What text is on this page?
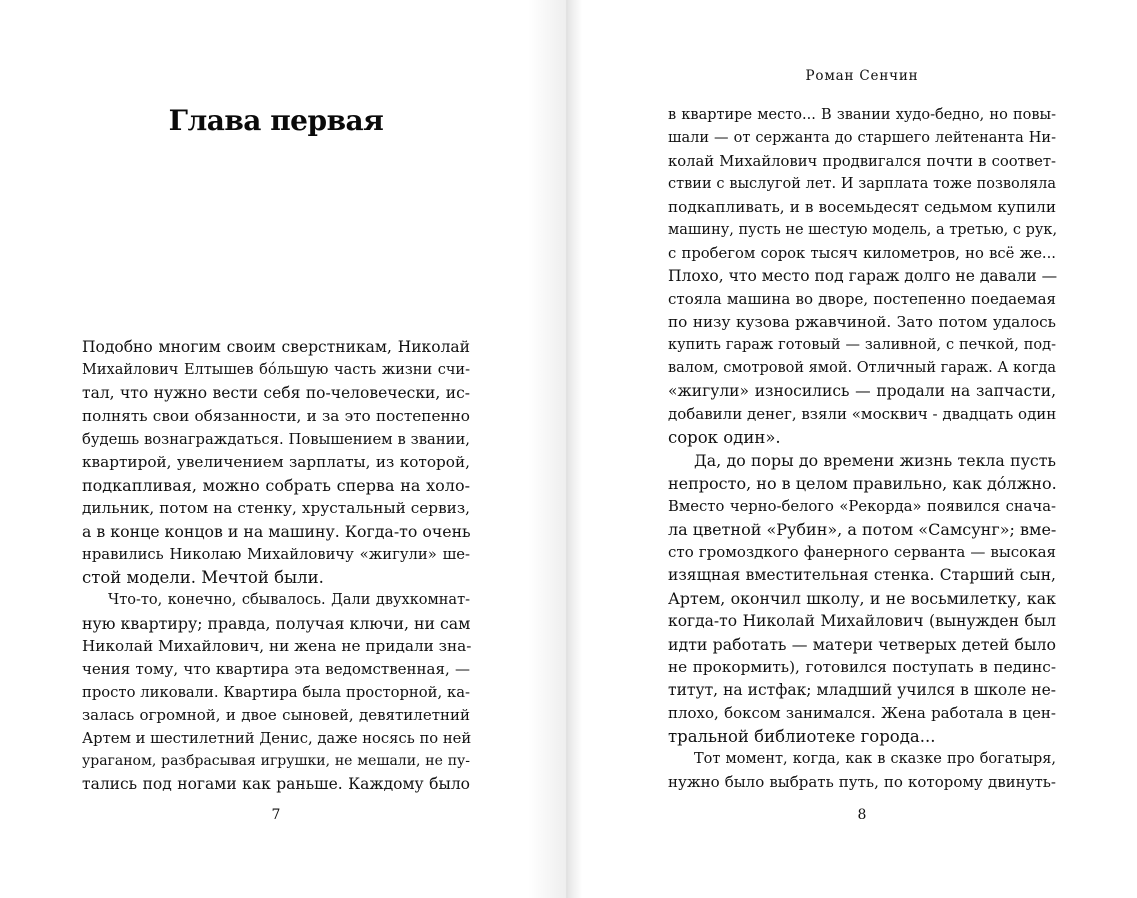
Глава первая
Подобно многим своим сверстникам, Николай
Михайлович Елтышев бóльшую часть жизни счи-
тал, что нужно вести себя по-человечески, ис-
полнять свои обязанности, и за это постепенно
будешь вознаграждаться. Повышением в звании,
квартирой, увеличением зарплаты, из которой,
подкапливая, можно собрать сперва на холо-
дильник, потом на стенку, хрустальный сервиз,
а в конце концов и на машину. Когда-то очень
нравились Николаю Михайловичу «жигули» ше-
стой модели. Мечтой были.
Что-то, конечно, сбывалось. Дали двухкомнат-
ную квартиру; правда, получая ключи, ни сам
Николай Михайлович, ни жена не придали зна-
чения тому, что квартира эта ведомственная, —
просто ликовали. Квартира была просторной, ка-
залась огромной, и двое сыновей, девятилетний
Артем и шестилетний Денис, даже носясь по ней
ураганом, разбрасывая игрушки, не мешали, не пу-
тались под ногами как раньше. Каждому было
7
Роман Сенчин
в квартире место... В звании худо-бедно, но повы-
шали — от сержанта до старшего лейтенанта Ни-
колай Михайлович продвигался почти в соответ-
ствии с выслугой лет. И зарплата тоже позволяла
подкапливать, и в восемьдесят седьмом купили
машину, пусть не шестую модель, а третью, с рук,
с пробегом сорок тысяч километров, но всё же...
Плохо, что место под гараж долго не давали —
стояла машина во дворе, постепенно поедаемая
по низу кузова ржавчиной. Зато потом удалось
купить гараж готовый — заливной, с печкой, под-
валом, смотровой ямой. Отличный гараж. А когда
«жигули» износились — продали на запчасти,
добавили денег, взяли «москвич - двадцать один
сорок один».
Да, до поры до времени жизнь текла пусть
непросто, но в целом правильно, как дóлжно.
Вместо черно-белого «Рекорда» появился снача-
ла цветной «Рубин», а потом «Самсунг»; вме-
сто громоздкого фанерного серванта — высокая
изящная вместительная стенка. Старший сын,
Артем, окончил школу, и не восьмилетку, как
когда-то Николай Михайлович (вынужден был
идти работать — матери четверых детей было
не прокормить), готовился поступать в пединс-
титут, на истфак; младший учился в школе не-
плохо, боксом занимался. Жена работала в цен-
тральной библиотеке города...
Тот момент, когда, как в сказке про богатыря,
нужно было выбрать путь, по которому двинуть-
8
